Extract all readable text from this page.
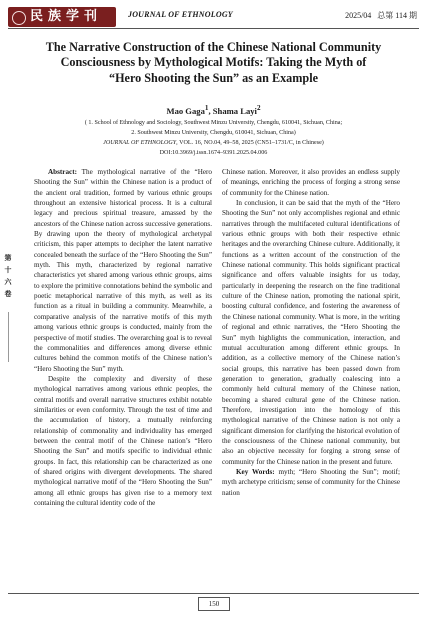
民族学刊	JOURNAL OF ETHNOLOGY	2025/04 总第 114 期
第十六卷
The Narrative Construction of the Chinese National Community
Consciousness by Mythological Motifs: Taking the Myth of
“Hero Shooting the Sun” as an Example
Mao Gaga$^1$, Shama Layi$^2$
( 1. School of Ethnology and Sociology, Southwest Minzu University, Chengdu, 610041, Sichuan, China;
2. Southwest Minzu University, Chengdu, 610041, Sichuan, China)
JOURNAL OF ETHNOLOGY, VOL. 16, NO.04, 49–58, 2025 (CN51–1731/C, in Chinese)
DOI:10.3969/j.issn.1674–9391.2025.04.006

Abstract: The mythological narrative of the “Hero Shooting the Sun” within the Chinese nation is a product of the ancient oral tradition, formed by various ethnic groups throughout an extensive historical process. It is a cultural legacy and precious spiritual treasure, amassed by the ancestors of the Chinese nation across successive generations. By drawing upon the theory of mythological archetypal criticism, this paper attempts to decipher the latent narrative concealed beneath the surface of the “Hero Shooting the Sun” myth. This myth, characterized by regional narrative characteristics yet shared among various ethnic groups, aims to explore the primitive connotations behind the symbolic and poetic metaphorical narrative of this myth, as well as its function as a ritual in building a community. Meanwhile, a comparative analysis of the narrative motifs of this myth among various ethnic groups is conducted, mainly from the perspective of motif studies. The overarching goal is to reveal the commonalities and differences among diverse ethnic cultures behind the common motifs of the Chinese nation’s “Hero Shooting the Sun” myth.

Despite the complexity and diversity of these mythological narratives among various ethnic peoples, the central motifs and overall narrative structures exhibit notable similarities or even conformity. Through the test of time and the accumulation of history, a mutually reinforcing relationship of commonality and individuality has emerged between the central motif of the Chinese nation’s “Hero Shooting the Sun” and motifs specific to individual ethnic groups. In fact, this relationship can be characterized as one of shared origins with divergent developments. The shared mythological narrative motif of the “Hero Shooting the Sun” among all ethnic groups has given rise to a memory text containing the cultural identity code of the

Chinese nation. Moreover, it also provides an endless supply of meanings, enriching the process of forging a strong sense of community for the Chinese nation.

In conclusion, it can be said that the myth of the “Hero Shooting the Sun” not only accomplishes regional and ethnic narratives through the multifaceted cultural identifications of various ethnic groups with both their respective ethnic heritages and the overarching Chinese culture. Additionally, it functions as a written account of the construction of the Chinese national community. This holds significant practical significance and offers valuable insights for us today, particularly in deepening the research on the fine traditional culture of the Chinese nation, promoting the national spirit, boosting cultural confidence, and fostering the awareness of the Chinese national community. What is more, in the writing of regional and ethnic narratives, the “Hero Shooting the Sun” myth highlights the communication, interaction, and mutual acculturation among different ethnic groups. In addition, as a collective memory of the Chinese nation’s social groups, this narrative has been passed down from generation to generation, gradually coalescing into a commonly held cultural memory of the Chinese nation, becoming a shared cultural gene of the Chinese nation. Therefore, investigation into the homology of this mythological narrative of the Chinese nation is not only a significant dimension for clarifying the historical evolution of the consciousness of the Chinese national community, but also an objective necessity for forging a strong sense of community for the Chinese nation in the present and future.

Key Words: myth; “Hero Shooting the Sun”; motif; myth archetype criticism; sense of community for the Chinese nation

150
